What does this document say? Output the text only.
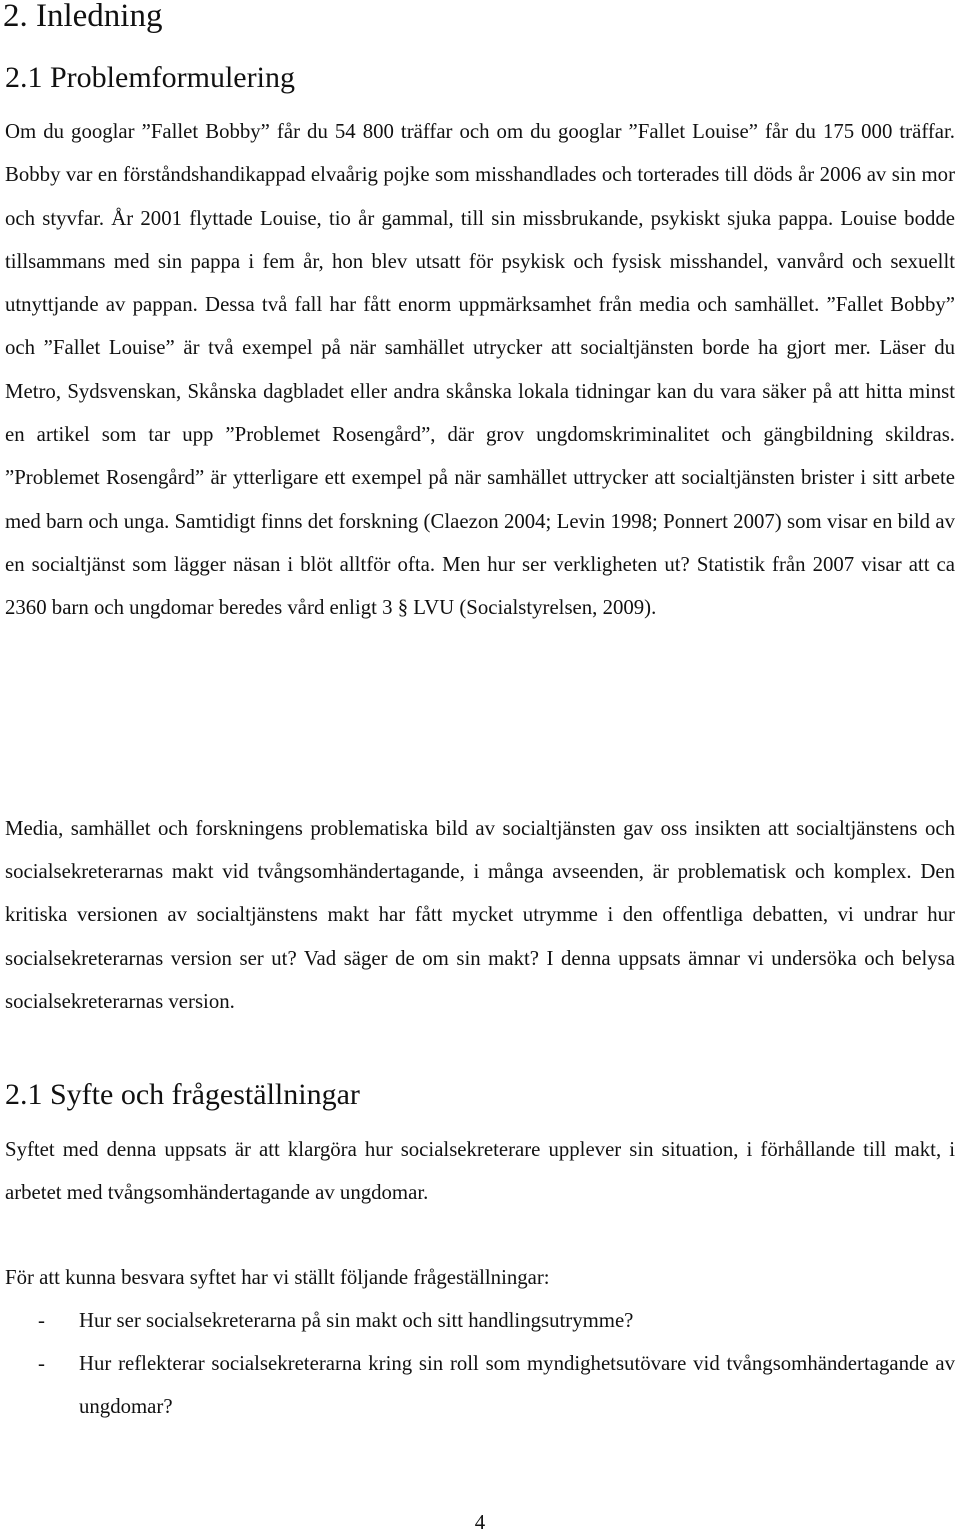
2. Inledning
2.1 Problemformulering

Om du googlar ”Fallet Bobby” får du 54 800 träffar och om du googlar ”Fallet Louise” får du 175 000 träffar. Bobby var en förståndshandikappad elvaårig pojke som misshandlades och torterades till döds år 2006 av sin mor och styvfar. År 2001 flyttade Louise, tio år gammal, till sin missbrukande, psykiskt sjuka pappa. Louise bodde tillsammans med sin pappa i fem år, hon blev utsatt för psykisk och fysisk misshandel, vanvård och sexuellt utnyttjande av pappan. Dessa två fall har fått enorm uppmärksamhet från media och samhället. ”Fallet Bobby” och ”Fallet Louise” är två exempel på när samhället utrycker att socialtjänsten borde ha gjort mer. Läser du Metro, Sydsvenskan, Skånska dagbladet eller andra skånska lokala tidningar kan du vara säker på att hitta minst en artikel som tar upp ”Problemet Rosengård”, där grov ungdomskriminalitet och gängbildning skildras. ”Problemet Rosengård” är ytterligare ett exempel på när samhället uttrycker att socialtjänsten brister i sitt arbete med barn och unga. Samtidigt finns det forskning (Claezon 2004; Levin 1998; Ponnert 2007) som visar en bild av en socialtjänst som lägger näsan i blöt alltför ofta. Men hur ser verkligheten ut? Statistik från 2007 visar att ca 2360 barn och ungdomar beredes vård enligt 3 § LVU (Socialstyrelsen, 2009).

Media, samhället och forskningens problematiska bild av socialtjänsten gav oss insikten att socialtjänstens och socialsekreterarnas makt vid tvångsomhändertagande, i många avseenden, är problematisk och komplex. Den kritiska versionen av socialtjänstens makt har fått mycket utrymme i den offentliga debatten, vi undrar hur socialsekreterarnas version ser ut? Vad säger de om sin makt? I denna uppsats ämnar vi undersöka och belysa socialsekreterarnas version.

2.1 Syfte och frågeställningar

Syftet med denna uppsats är att klargöra hur socialsekreterare upplever sin situation, i förhållande till makt, i arbetet med tvångsomhändertagande av ungdomar.

För att kunna besvara syftet har vi ställt följande frågeställningar:

- Hur ser socialsekreterarna på sin makt och sitt handlingsutrymme?
- Hur reflekterar socialsekreterarna kring sin roll som myndighetsutövare vid tvångsomhändertagande av ungdomar?
4
